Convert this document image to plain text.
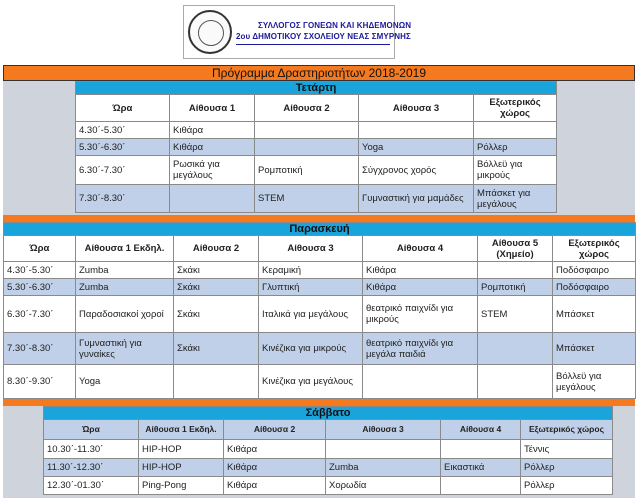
ΣΥΛΛΟΓΟΣ ΓΟΝΕΩΝ ΚΑΙ ΚΗΔΕΜΟΝΩΝ
2ου ΔΗΜΟΤΙΚΟΥ ΣΧΟΛΕΙΟΥ ΝΕΑΣ ΣΜΥΡΝΗΣ
Πρόγραμμα Δραστηριοτήτων 2018-2019
Τετάρτη				
Ώρα	Αίθουσα 1	Αίθουσα 2	Αίθουσα 3	Εξωτερικός χώρος
4.30΄-5.30΄	Κιθάρα			
5.30΄-6.30΄	Κιθάρα		Yoga	Ρόλλερ
6.30΄-7.30΄	Ρωσικά για μεγάλους	Ρομποτική	Σύγχρονος χορός	Βόλλεϋ για μικρούς
7.30΄-8.30΄		STEM	Γυμναστική για μαμάδες	Μπάσκετ για μεγάλους
Παρασκευή						
Ώρα	Αίθουσα 1 Εκδηλ.	Αίθουσα 2	Αίθουσα 3	Αίθουσα 4	Αίθουσα 5 (Χημείο)	Εξωτερικός χώρος
4.30΄-5.30΄	Zumba	Σκάκι	Κεραμική	Κιθάρα		Ποδόσφαιρο
5.30΄-6.30΄	Zumba	Σκάκι	Γλυπτική	Κιθάρα	Ρομποτική	Ποδόσφαιρο
6.30΄-7.30΄	Παραδοσιακοί χοροί	Σκάκι	Ιταλικά για μεγάλους	θεατρικό παιχνίδι για μικρούς	STEM	Μπάσκετ
7.30΄-8.30΄	Γυμναστική για γυναίκες	Σκάκι	Κινέζικα για μικρούς	θεατρικό παιχνίδι για μεγάλα παιδιά		Μπάσκετ
8.30΄-9.30΄	Yoga		Κινέζικα για μεγάλους			Βόλλεϋ για μεγάλους
Σάββατο					
Ώρα	Αίθουσα 1 Εκδηλ.	Αίθουσα 2	Αίθουσα 3	Αίθουσα 4	Εξωτερικός χώρος
10.30΄-11.30΄	HIP-HOP	Κιθάρα			Τέννις
11.30΄-12.30΄	HIP-HOP	Κιθάρα	Zumba	Εικαστικά	Ρόλλερ
12.30΄-01.30΄	Ping-Pong	Κιθάρα	Χορωδία		Ρόλλερ
